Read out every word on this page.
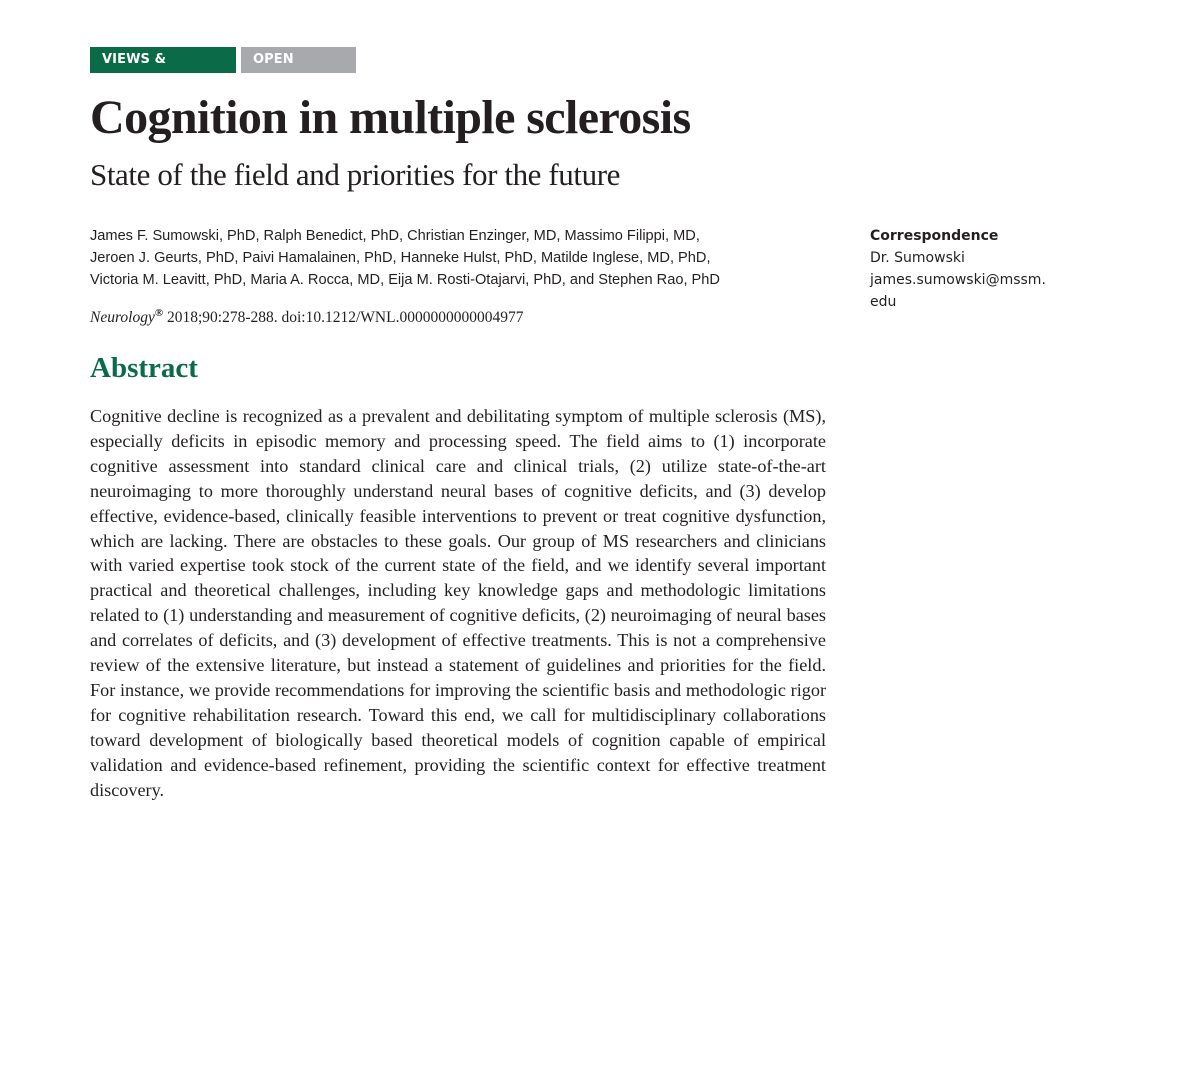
VIEWS & REVIEWS
OPEN ACCESS
Cognition in multiple sclerosis
State of the field and priorities for the future
James F. Sumowski, PhD, Ralph Benedict, PhD, Christian Enzinger, MD, Massimo Filippi, MD,
Jeroen J. Geurts, PhD, Paivi Hamalainen, PhD, Hanneke Hulst, PhD, Matilde Inglese, MD, PhD,
Victoria M. Leavitt, PhD, Maria A. Rocca, MD, Eija M. Rosti-Otajarvi, PhD, and Stephen Rao, PhD
Neurology® 2018;90:278-288. doi:10.1212/WNL.0000000000004977
Correspondence
Dr. Sumowski
james.sumowski@mssm.
edu
Abstract

Cognitive decline is recognized as a prevalent and debilitating symptom of multiple sclerosis (MS), especially deficits in episodic memory and processing speed. The field aims to (1) incorporate cognitive assessment into standard clinical care and clinical trials, (2) utilize state-of-the-art neuroimaging to more thoroughly understand neural bases of cognitive deficits, and (3) develop effective, evidence-based, clinically feasible interventions to prevent or treat cognitive dysfunction, which are lacking. There are obstacles to these goals. Our group of MS researchers and clinicians with varied expertise took stock of the current state of the field, and we identify several important practical and theoretical challenges, including key knowledge gaps and methodologic limitations related to (1) understanding and measurement of cognitive deficits, (2) neuroimaging of neural bases and correlates of deficits, and (3) development of effective treatments. This is not a comprehensive review of the extensive literature, but instead a statement of guidelines and priorities for the field. For instance, we provide recommendations for improving the scientific basis and methodologic rigor for cognitive rehabilitation research. Toward this end, we call for multidisciplinary collaborations toward development of biologically based theoretical models of cognition capable of empirical validation and evidence-based refinement, providing the scientific context for effective treatment discovery.
